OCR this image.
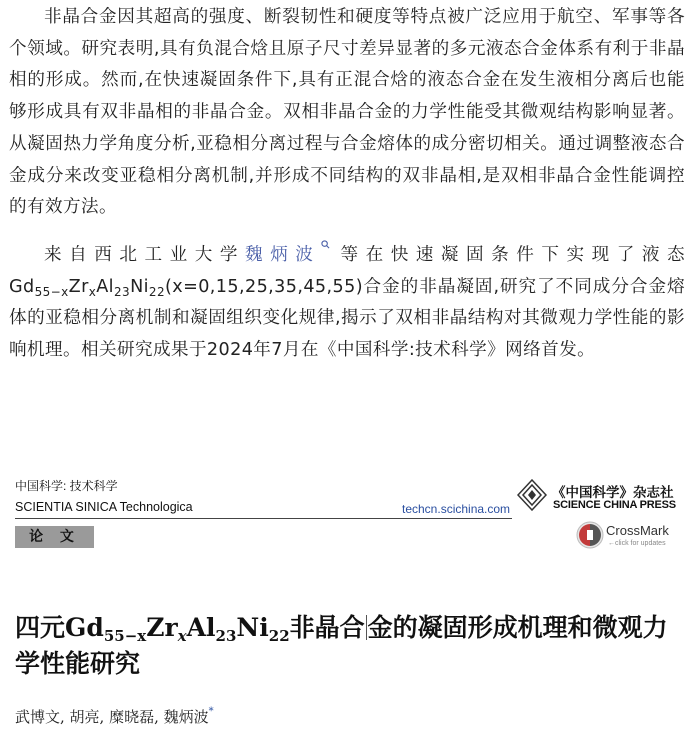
非晶合金因其超高的强度、断裂韧性和硬度等特点被广泛应用于航空、军事等各个领域。研究表明,具有负混合焓且原子尺寸差异显著的多元液态合金体系有利于非晶相的形成。然而,在快速凝固条件下,具有正混合焓的液态合金在发生液相分离后也能够形成具有双非晶相的非晶合金。双相非晶合金的力学性能受其微观结构影响显著。从凝固热力学角度分析,亚稳相分离过程与合金熔体的成分密切相关。通过调整液态合金成分来改变亚稳相分离机制,并形成不同结构的双非晶相,是双相非晶合金性能调控的有效方法。

来自西北工业大学魏炳波 等在快速凝固条件下实现了液态$Gd_{55-x}Zr_xAl_{23}Ni_{22}(x=0,15,25,35,45,55)$合金的非晶凝固,研究了不同成分合金熔体的亚稳相分离机制和凝固组织变化规律,揭示了双相非晶结构对其微观力学性能的影响机理。相关研究成果于2024年7月在《中国科学:技术科学》网络首发。

中国科学: 技术科学
SCIENTIA SINICA Technologica	techcn.scichina.com
论 文
《中国科学》杂志社
SCIENCE CHINA PRESS
CrossMark
←click for updates
四元$Gd_{55-x}Zr_xAl_{23}Ni_{22}$非晶合 金的凝固形成机理和微观力学性能研究
武博文, 胡亮, 糜晓磊, 魏炳波*
